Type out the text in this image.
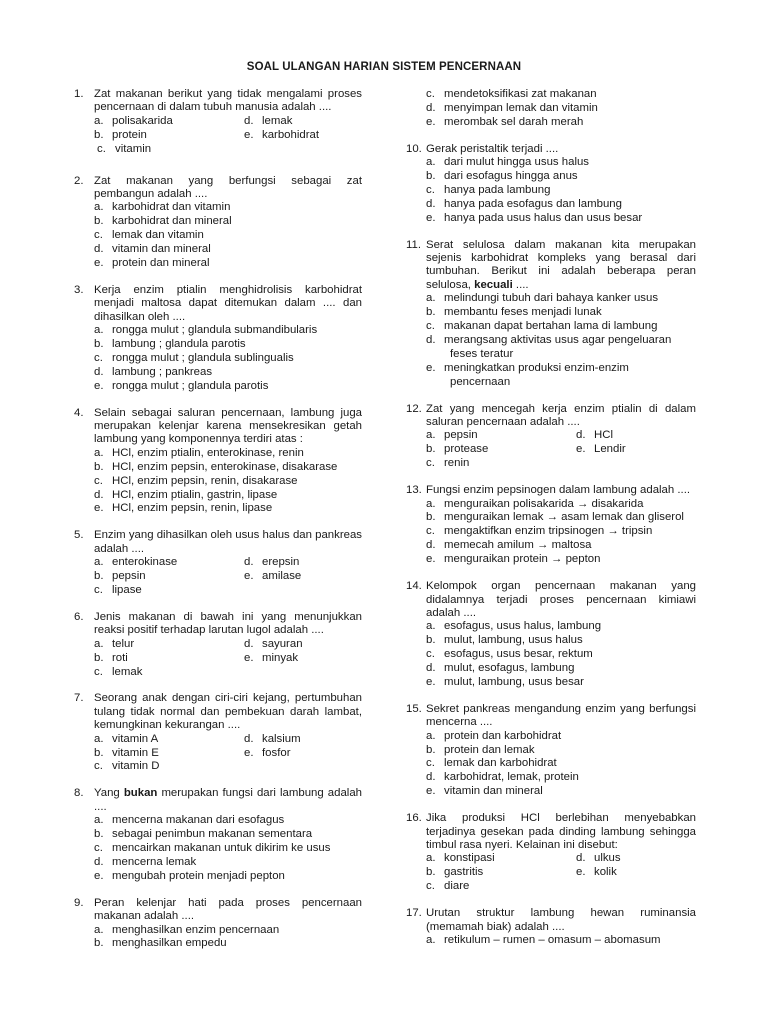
SOAL ULANGAN HARIAN SISTEM PENCERNAAN
1. Zat makanan berikut yang tidak mengalami proses pencernaan di dalam tubuh manusia adalah ....
a. polisakarida	d. lemak
b. protein	e. karbohidrat
c. vitamin
2. Zat makanan yang berfungsi sebagai zat pembangun adalah ....
a. karbohidrat dan vitamin
b. karbohidrat dan mineral
c. lemak dan vitamin
d. vitamin dan mineral
e. protein dan mineral
3. Kerja enzim ptialin menghidrolisis karbohidrat menjadi maltosa dapat ditemukan dalam .... dan dihasilkan oleh ....
a. rongga mulut ; glandula submandibularis
b. lambung ; glandula parotis
c. rongga mulut ; glandula sublingualis
d. lambung ; pankreas
e. rongga mulut ; glandula parotis
4. Selain sebagai saluran pencernaan, lambung juga merupakan kelenjar karena mensekresikan getah lambung yang komponennya terdiri atas :
a. HCl, enzim ptialin, enterokinase, renin
b. HCl, enzim pepsin, enterokinase, disakarase
c. HCl, enzim pepsin, renin, disakarase
d. HCl, enzim ptialin, gastrin, lipase
e. HCl, enzim pepsin, renin, lipase
5. Enzim yang dihasilkan oleh usus halus dan pankreas adalah ....
a. enterokinase	d. erepsin
b. pepsin	e. amilase
c. lipase
6. Jenis makanan di bawah ini yang menunjukkan reaksi positif terhadap larutan lugol adalah ....
a. telur	d. sayuran
b. roti	e. minyak
c. lemak
7. Seorang anak dengan ciri-ciri kejang, pertumbuhan tulang tidak normal dan pembekuan darah lambat, kemungkinan kekurangan ....
a. vitamin A	d. kalsium
b. vitamin E	e. fosfor
c. vitamin D
8. Yang bukan merupakan fungsi dari lambung adalah ....
a. mencerna makanan dari esofagus
b. sebagai penimbun makanan sementara
c. mencairkan makanan untuk dikirim ke usus
d. mencerna lemak
e. mengubah protein menjadi pepton
9. Peran kelenjar hati pada proses pencernaan makanan adalah ....
a. menghasilkan enzim pencernaan
b. menghasilkan empedu
c. mendetoksifikasi zat makanan
d. menyimpan lemak dan vitamin
e. merombak sel darah merah
10. Gerak peristaltik terjadi ....
a. dari mulut hingga usus halus
b. dari esofagus hingga anus
c. hanya pada lambung
d. hanya pada esofagus dan lambung
e. hanya pada usus halus dan usus besar
11. Serat selulosa dalam makanan kita merupakan sejenis karbohidrat kompleks yang berasal dari tumbuhan. Berikut ini adalah beberapa peran selulosa, kecuali ....
a. melindungi tubuh dari bahaya kanker usus
b. membantu feses menjadi lunak
c. makanan dapat bertahan lama di lambung
d. merangsang aktivitas usus agar pengeluaran
feses teratur
e. meningkatkan produksi enzim-enzim
pencernaan
12. Zat yang mencegah kerja enzim ptialin di dalam saluran pencernaan adalah ....
a. pepsin	d. HCl
b. protease	e. Lendir
c. renin
13. Fungsi enzim pepsinogen dalam lambung adalah ....
a. menguraikan polisakarida → disakarida
b. menguraikan lemak → asam lemak dan gliserol
c. mengaktifkan enzim tripsinogen → tripsin
d. memecah amilum → maltosa
e. menguraikan protein → pepton
14. Kelompok organ pencernaan makanan yang didalamnya terjadi proses pencernaan kimiawi adalah ....
a. esofagus, usus halus, lambung
b. mulut, lambung, usus halus
c. esofagus, usus besar, rektum
d. mulut, esofagus, lambung
e. mulut, lambung, usus besar
15. Sekret pankreas mengandung enzim yang berfungsi mencerna ....
a. protein dan karbohidrat
b. protein dan lemak
c. lemak dan karbohidrat
d. karbohidrat, lemak, protein
e. vitamin dan mineral
16. Jika produksi HCl berlebihan menyebabkan terjadinya gesekan pada dinding lambung sehingga timbul rasa nyeri. Kelainan ini disebut:
a. konstipasi	d. ulkus
b. gastritis	e. kolik
c. diare
17. Urutan struktur lambung hewan ruminansia (memamah biak) adalah ....
a. retikulum – rumen – omasum – abomasum
